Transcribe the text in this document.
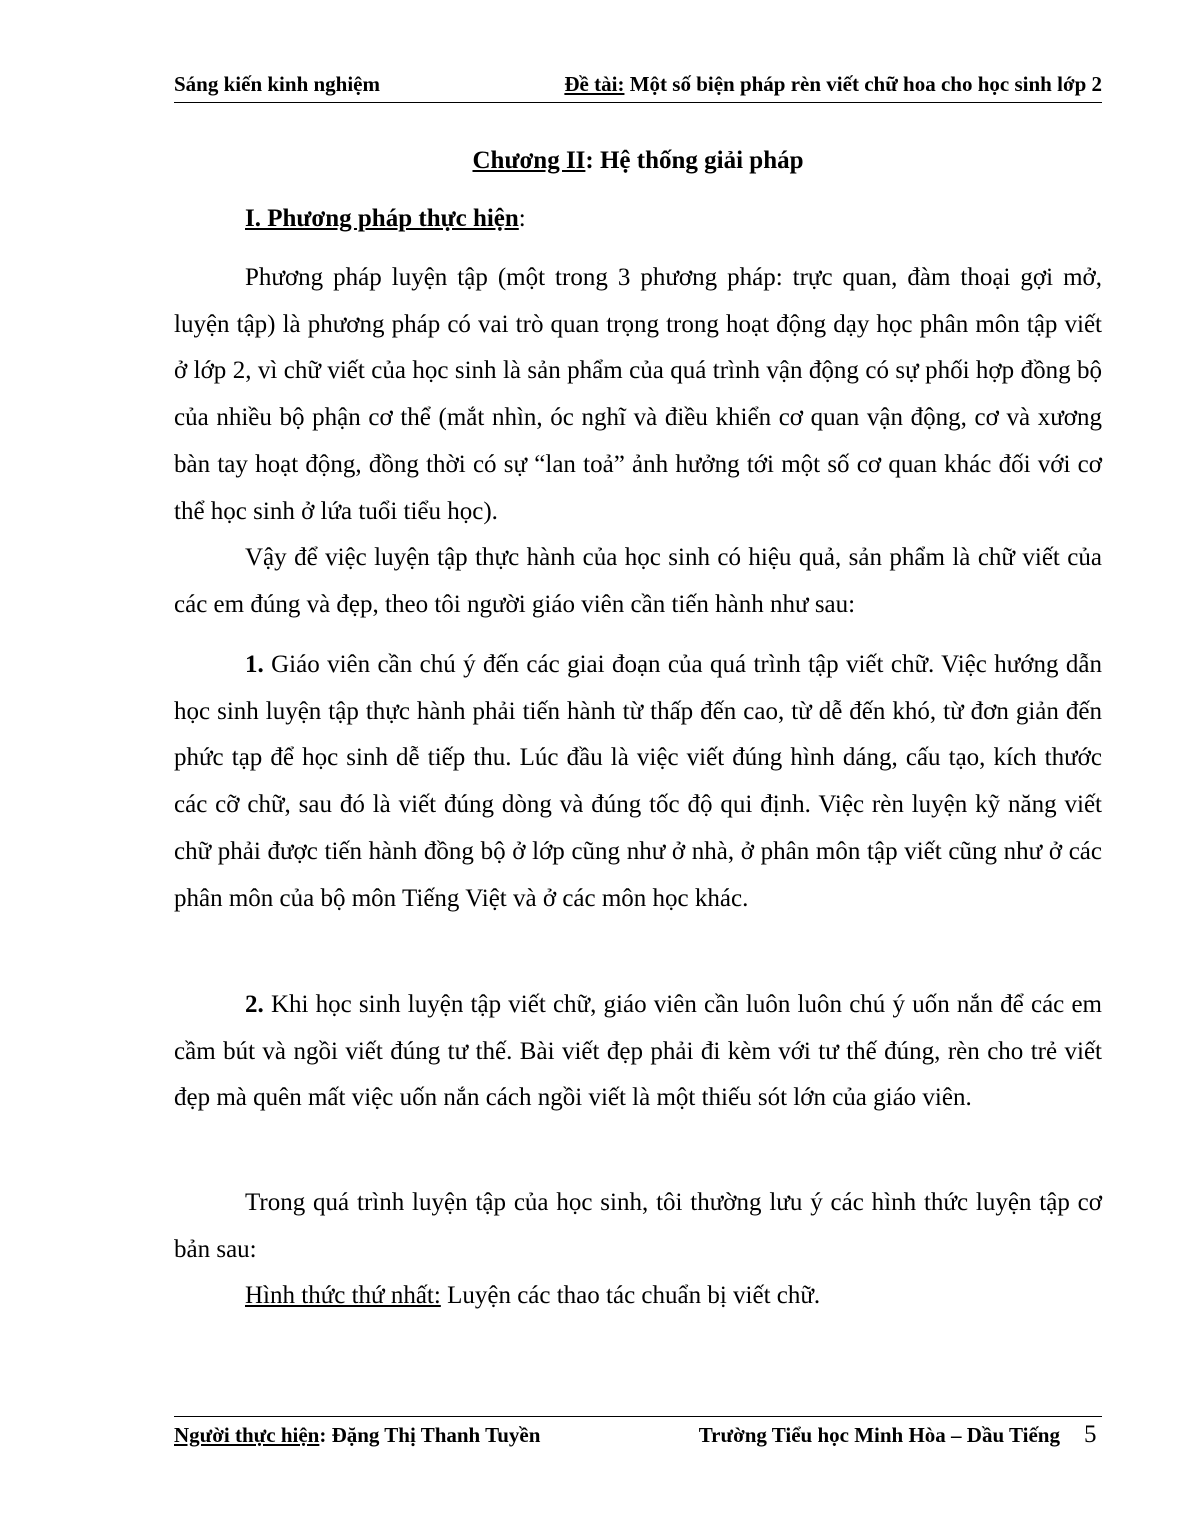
Sáng kiến kinh nghiệm	Đề tài: Một số biện pháp rèn viết chữ hoa cho học sinh lớp 2
Chương II: Hệ thống giải pháp
I. Phương pháp thực hiện:

Phương pháp luyện tập (một trong 3 phương pháp: trực quan, đàm thoại gợi mở, luyện tập) là phương pháp có vai trò quan trọng trong hoạt động dạy học phân môn tập viết ở lớp 2, vì chữ viết của học sinh là sản phẩm của quá trình vận động có sự phối hợp đồng bộ của nhiều bộ phận cơ thể (mắt nhìn, óc nghĩ và điều khiển cơ quan vận động, cơ và xương bàn tay hoạt động, đồng thời có sự “lan toả” ảnh hưởng tới một số cơ quan khác đối với cơ thể học sinh ở lứa tuổi tiểu học).

Vậy để việc luyện tập thực hành của học sinh có hiệu quả, sản phẩm là chữ viết của các em đúng và đẹp, theo tôi người giáo viên cần tiến hành như sau:

1. Giáo viên cần chú ý đến các giai đoạn của quá trình tập viết chữ. Việc hướng dẫn học sinh luyện tập thực hành phải tiến hành từ thấp đến cao, từ dễ đến khó, từ đơn giản đến phức tạp để học sinh dễ tiếp thu. Lúc đầu là việc viết đúng hình dáng, cấu tạo, kích thước các cỡ chữ, sau đó là viết đúng dòng và đúng tốc độ qui định. Việc rèn luyện kỹ năng viết chữ phải được tiến hành đồng bộ ở lớp cũng như ở nhà, ở phân môn tập viết cũng như ở các phân môn của bộ môn Tiếng Việt và ở các môn học khác.

2. Khi học sinh luyện tập viết chữ, giáo viên cần luôn luôn chú ý uốn nắn để các em cầm bút và ngồi viết đúng tư thế. Bài viết đẹp phải đi kèm với tư thế đúng, rèn cho trẻ viết đẹp mà quên mất việc uốn nắn cách ngồi viết là một thiếu sót lớn của giáo viên.

Trong quá trình luyện tập của học sinh, tôi thường lưu ý các hình thức luyện tập cơ bản sau:

Hình thức thứ nhất: Luyện các thao tác chuẩn bị viết chữ.

Người thực hiện: Đặng Thị Thanh Tuyền	Trường Tiểu học Minh Hòa – Dầu Tiếng 5
